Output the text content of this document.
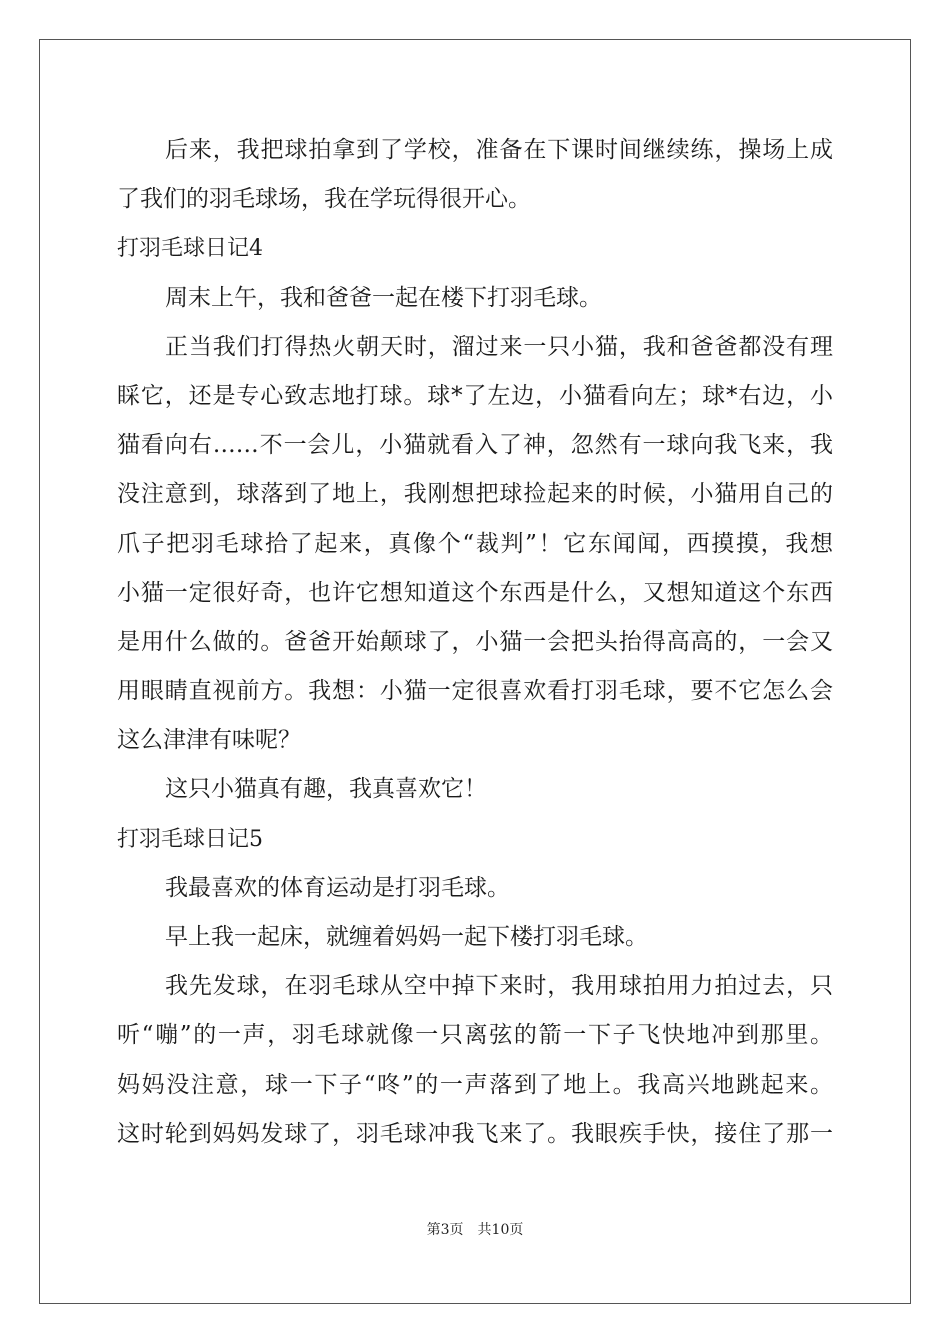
后来，我把球拍拿到了学校，准备在下课时间继续练，操场上成
了我们的羽毛球场，我在学玩得很开心。
打羽毛球日记4
周末上午，我和爸爸一起在楼下打羽毛球。
正当我们打得热火朝天时，溜过来一只小猫，我和爸爸都没有理
睬它，还是专心致志地打球。球*了左边，小猫看向左；球*右边，小
猫看向右……不一会儿，小猫就看入了神，忽然有一球向我飞来，我
没注意到，球落到了地上，我刚想把球捡起来的时候，小猫用自己的
爪子把羽毛球拾了起来，真像个“裁判”！它东闻闻，西摸摸，我想
小猫一定很好奇，也许它想知道这个东西是什么，又想知道这个东西
是用什么做的。爸爸开始颠球了，小猫一会把头抬得高高的，一会又
用眼睛直视前方。我想：小猫一定很喜欢看打羽毛球，要不它怎么会
这么津津有味呢？
这只小猫真有趣，我真喜欢它！
打羽毛球日记5
我最喜欢的体育运动是打羽毛球。
早上我一起床，就缠着妈妈一起下楼打羽毛球。
我先发球，在羽毛球从空中掉下来时，我用球拍用力拍过去，只
听“嘣”的一声，羽毛球就像一只离弦的箭一下子飞快地冲到那里。
妈妈没注意，球一下子“咚”的一声落到了地上。我高兴地跳起来。
这时轮到妈妈发球了，羽毛球冲我飞来了。我眼疾手快，接住了那一
第3页 共10页
